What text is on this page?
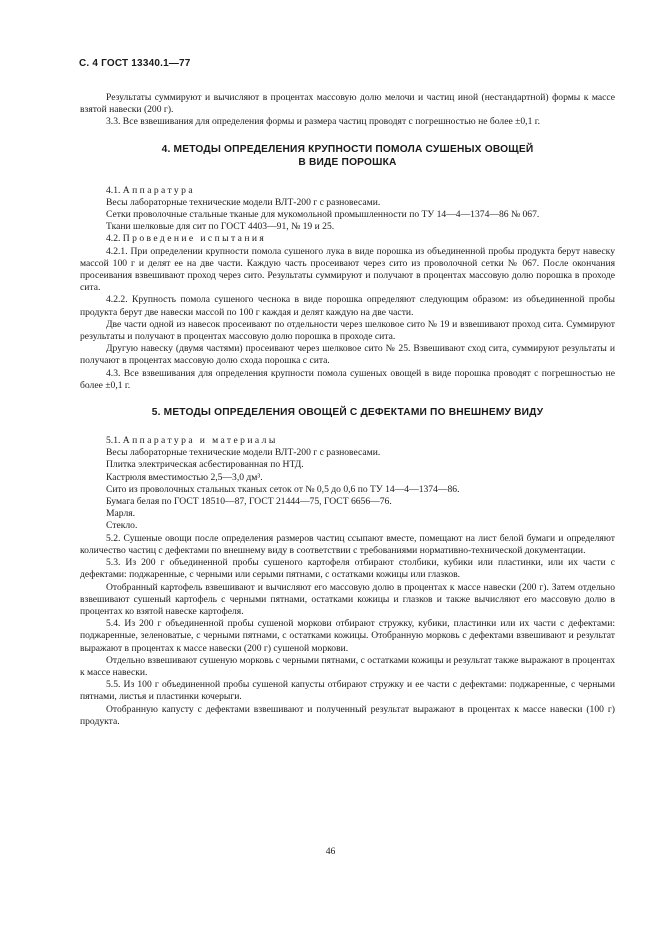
С. 4 ГОСТ 13340.1—77

Результаты суммируют и вычисляют в процентах массовую долю мелочи и частиц иной (нестандартной) формы к массе взятой навески (200 г).

3.3. Все взвешивания для определения формы и размера частиц проводят с погрешностью не более ±0,1 г.

4. МЕТОДЫ ОПРЕДЕЛЕНИЯ КРУПНОСТИ ПОМОЛА СУШЕНЫХ ОВОЩЕЙ
В ВИДЕ ПОРОШКА

4.1. Аппаратура

Весы лабораторные технические модели ВЛТ-200 г с разновесами.

Сетки проволочные стальные тканые для мукомольной промышленности по ТУ 14—4—1374—86 № 067.

Ткани шелковые для сит по ГОСТ 4403—91, № 19 и 25.

4.2. Проведение испытания

4.2.1. При определении крупности помола сушеного лука в виде порошка из объединенной пробы продукта берут навеску массой 100 г и делят ее на две части. Каждую часть просеивают через сито из проволочной сетки № 067. После окончания просеивания взвешивают проход через сито. Результаты суммируют и получают в процентах массовую долю порошка в проходе сита.

4.2.2. Крупность помола сушеного чеснока в виде порошка определяют следующим образом: из объединенной пробы продукта берут две навески массой по 100 г каждая и делят каждую на две части.

Две части одной из навесок просеивают по отдельности через шелковое сито № 19 и взвешивают проход сита. Суммируют результаты и получают в процентах массовую долю порошка в проходе сита.

Другую навеску (двумя частями) просеивают через шелковое сито № 25. Взвешивают сход сита, суммируют результаты и получают в процентах массовую долю схода порошка с сита.

4.3. Все взвешивания для определения крупности помола сушеных овощей в виде порошка проводят с погрешностью не более ±0,1 г.

5. МЕТОДЫ ОПРЕДЕЛЕНИЯ ОВОЩЕЙ С ДЕФЕКТАМИ ПО ВНЕШНЕМУ ВИДУ

5.1. Аппаратура и материалы

Весы лабораторные технические модели ВЛТ-200 г с разновесами.

Плитка электрическая асбестированная по НТД.

Кастрюля вместимостью 2,5—3,0 дм³.

Сито из проволочных стальных тканых сеток от № 0,5 до 0,6 по ТУ 14—4—1374—86.

Бумага белая по ГОСТ 18510—87, ГОСТ 21444—75, ГОСТ 6656—76.

Марля.

Стекло.

5.2. Сушеные овощи после определения размеров частиц ссыпают вместе, помещают на лист белой бумаги и определяют количество частиц с дефектами по внешнему виду в соответствии с требованиями нормативно-технической документации.

5.3. Из 200 г объединенной пробы сушеного картофеля отбирают столбики, кубики или пластинки, или их части с дефектами: поджаренные, с черными или серыми пятнами, с остатками кожицы или глазков.

Отобранный картофель взвешивают и вычисляют его массовую долю в процентах к массе навески (200 г). Затем отдельно взвешивают сушеный картофель с черными пятнами, остатками кожицы и глазков и также вычисляют его массовую долю в процентах ко взятой навеске картофеля.

5.4. Из 200 г объединенной пробы сушеной моркови отбирают стружку, кубики, пластинки или их части с дефектами: поджаренные, зеленоватые, с черными пятнами, с остатками кожицы. Отобранную морковь с дефектами взвешивают и результат выражают в процентах к массе навески (200 г) сушеной моркови.

Отдельно взвешивают сушеную морковь с черными пятнами, с остатками кожицы и результат также выражают в процентах к массе навески.

5.5. Из 100 г объединенной пробы сушеной капусты отбирают стружку и ее части с дефектами: поджаренные, с черными пятнами, листья и пластинки кочерыги.

Отобранную капусту с дефектами взвешивают и полученный результат выражают в процентах к массе навески (100 г) продукта.

46
